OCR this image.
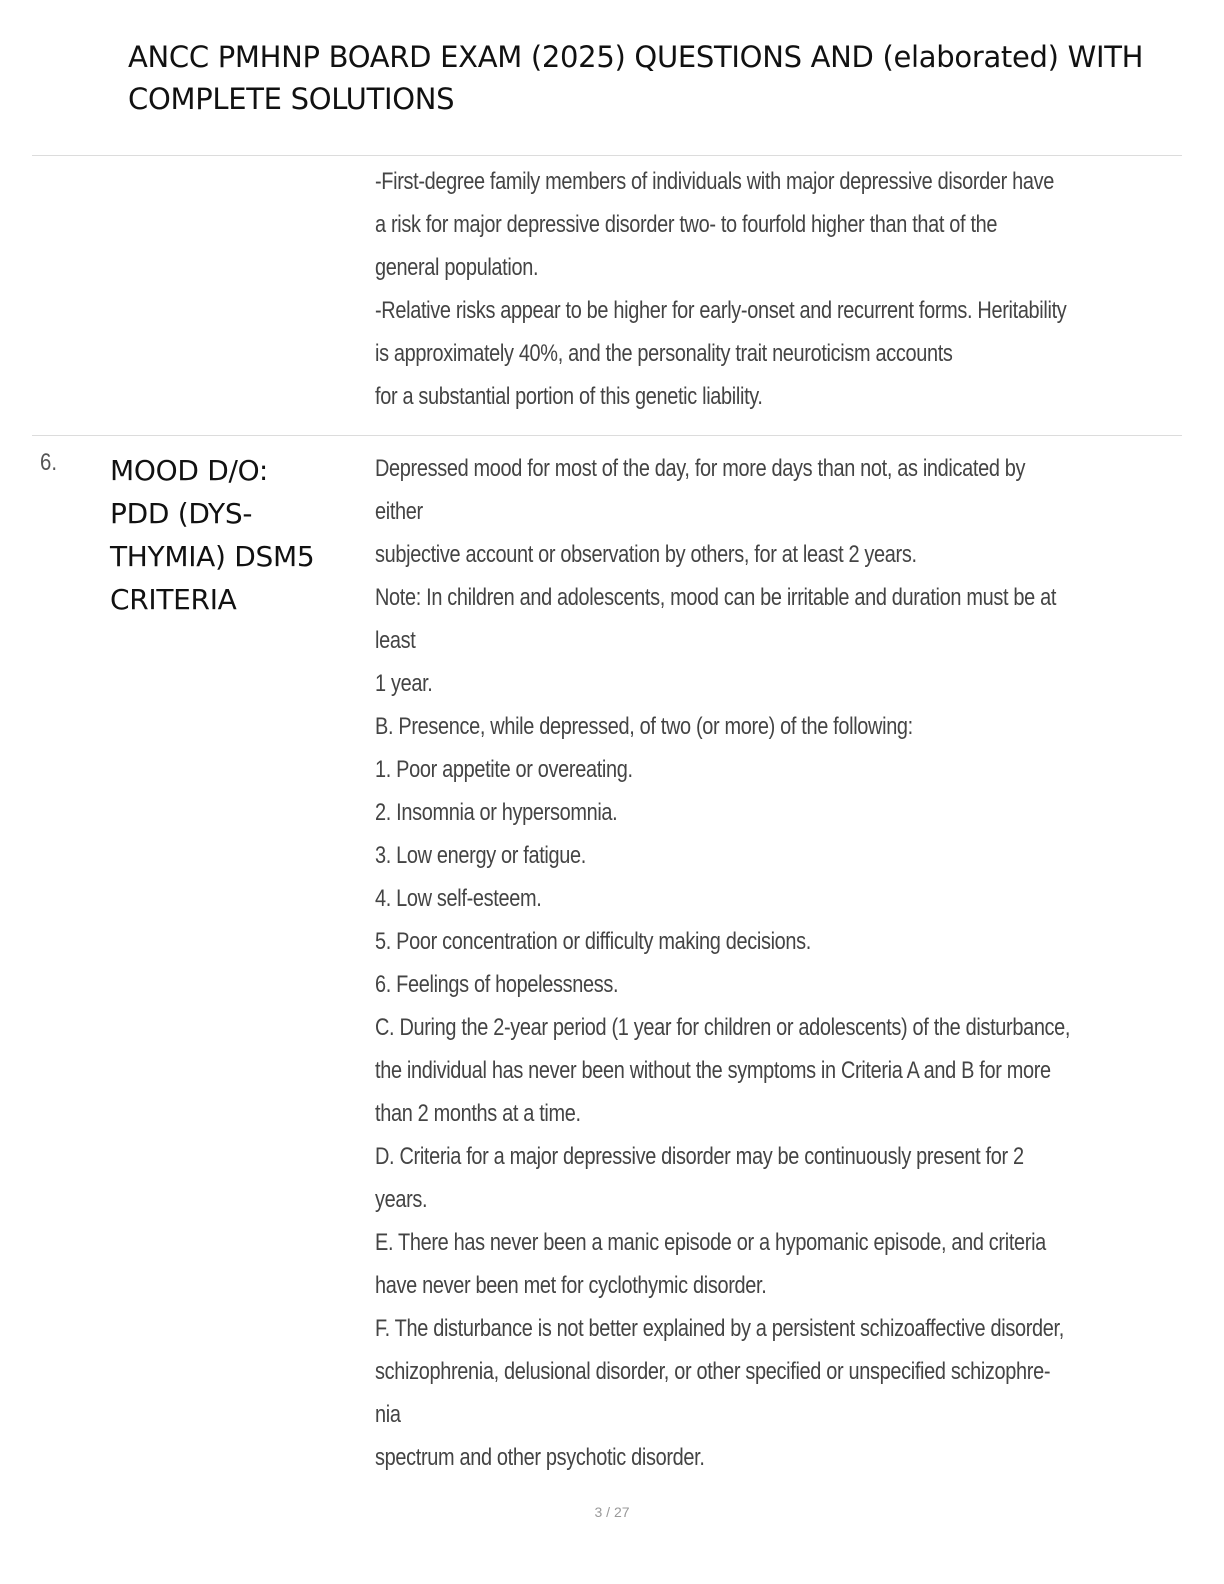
ANCC PMHNP BOARD EXAM (2025) QUESTIONS AND (elaborated) WITH
COMPLETE SOLUTIONS
-First-degree family members of individuals with major depressive disorder have
a risk for major depressive disorder two- to fourfold higher than that of the
general population.
-Relative risks appear to be higher for early-onset and recurrent forms. Heritability
is approximately 40%, and the personality trait neuroticism accounts
for a substantial portion of this genetic liability.
6. MOOD D/O:
PDD (DYS-
THYMIA) DSM5
CRITERIA
Depressed mood for most of the day, for more days than not, as indicated by
either
subjective account or observation by others, for at least 2 years.
Note: In children and adolescents, mood can be irritable and duration must be at
least
1 year.
B. Presence, while depressed, of two (or more) of the following:
1. Poor appetite or overeating.
2. Insomnia or hypersomnia.
3. Low energy or fatigue.
4. Low self-esteem.
5. Poor concentration or difficulty making decisions.
6. Feelings of hopelessness.
C. During the 2-year period (1 year for children or adolescents) of the disturbance,
the individual has never been without the symptoms in Criteria A and B for more
than 2 months at a time.
D. Criteria for a major depressive disorder may be continuously present for 2
years.
E. There has never been a manic episode or a hypomanic episode, and criteria
have never been met for cyclothymic disorder.
F. The disturbance is not better explained by a persistent schizoaffective disorder,
schizophrenia, delusional disorder, or other specified or unspecified schizophre-
nia
spectrum and other psychotic disorder.
3 / 27
